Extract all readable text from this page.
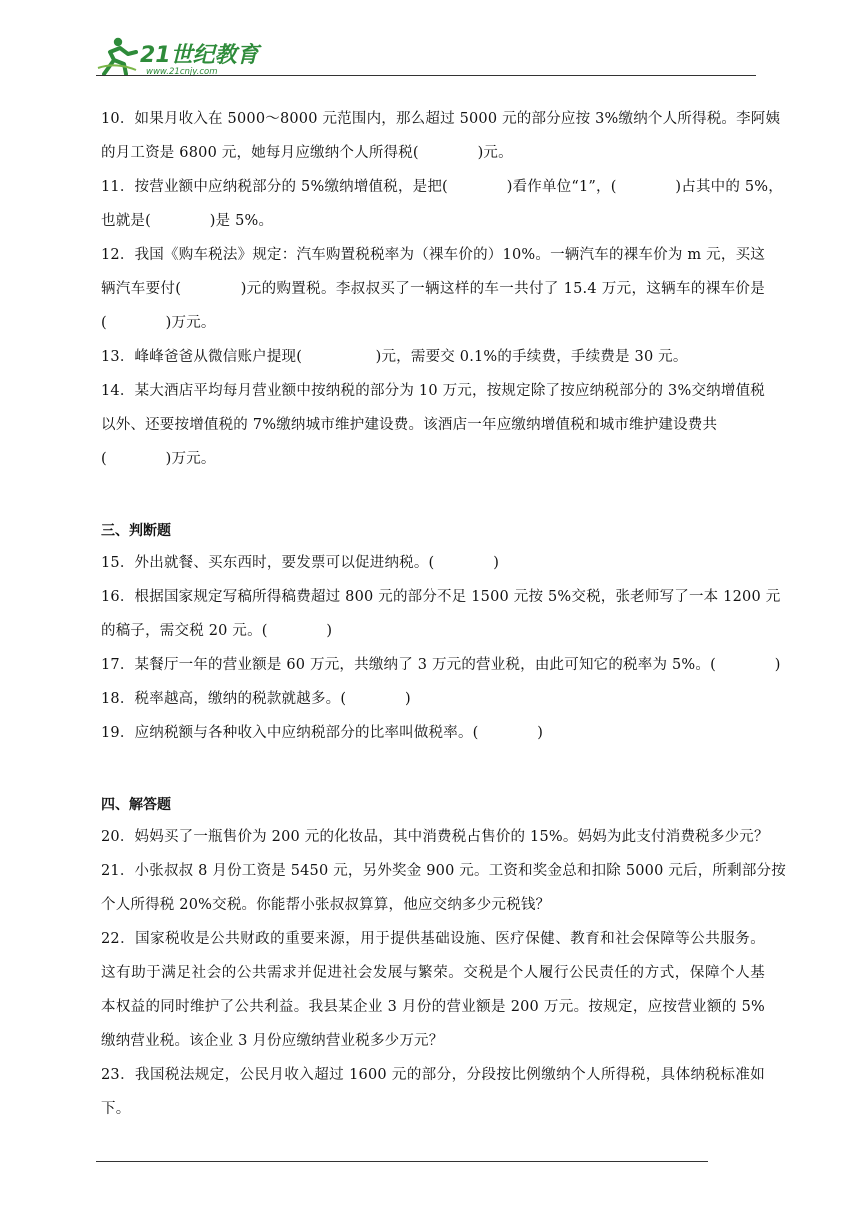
21世纪教育
www.21cnjy.com
10．如果月收入在 5000～8000 元范围内，那么超过 5000 元的部分应按 3%缴纳个人所得税。李阿姨
的月工资是 6800 元，她每月应缴纳个人所得税(　　　　)元。
11．按营业额中应纳税部分的 5%缴纳增值税，是把(　　　　)看作单位“1”，(　　　　)占其中的 5%，
也就是(　　　　)是 5%。
12．我国《购车税法》规定：汽车购置税税率为（裸车价的）10%。一辆汽车的裸车价为 m 元，买这
辆汽车要付(　　　　)元的购置税。李叔叔买了一辆这样的车一共付了 15.4 万元，这辆车的裸车价是
(　　　　)万元。
13．峰峰爸爸从微信账户提现(　　　　　)元，需要交 0.1%的手续费，手续费是 30 元。
14．某大酒店平均每月营业额中按纳税的部分为 10 万元，按规定除了按应纳税部分的 3%交纳增值税
以外、还要按增值税的 7%缴纳城市维护建设费。该酒店一年应缴纳增值税和城市维护建设费共
(　　　　)万元。
三、判断题
15．外出就餐、买东西时，要发票可以促进纳税。(　　　　)
16．根据国家规定写稿所得稿费超过 800 元的部分不足 1500 元按 5%交税，张老师写了一本 1200 元
的稿子，需交税 20 元。(　　　　)
17．某餐厅一年的营业额是 60 万元，共缴纳了 3 万元的营业税，由此可知它的税率为 5%。(　　　　)
18．税率越高，缴纳的税款就越多。(　　　　)
19．应纳税额与各种收入中应纳税部分的比率叫做税率。(　　　　)
四、解答题
20．妈妈买了一瓶售价为 200 元的化妆品，其中消费税占售价的 15%。妈妈为此支付消费税多少元？
21．小张叔叔 8 月份工资是 5450 元，另外奖金 900 元。工资和奖金总和扣除 5000 元后，所剩部分按
个人所得税 20%交税。你能帮小张叔叔算算，他应交纳多少元税钱？
22．国家税收是公共财政的重要来源，用于提供基础设施、医疗保健、教育和社会保障等公共服务。
这有助于满足社会的公共需求并促进社会发展与繁荣。交税是个人履行公民责任的方式，保障个人基
本权益的同时维护了公共利益。我县某企业 3 月份的营业额是 200 万元。按规定，应按营业额的 5%
缴纳营业税。该企业 3 月份应缴纳营业税多少万元？
23．我国税法规定，公民月收入超过 1600 元的部分，分段按比例缴纳个人所得税，具体纳税标准如
下。
